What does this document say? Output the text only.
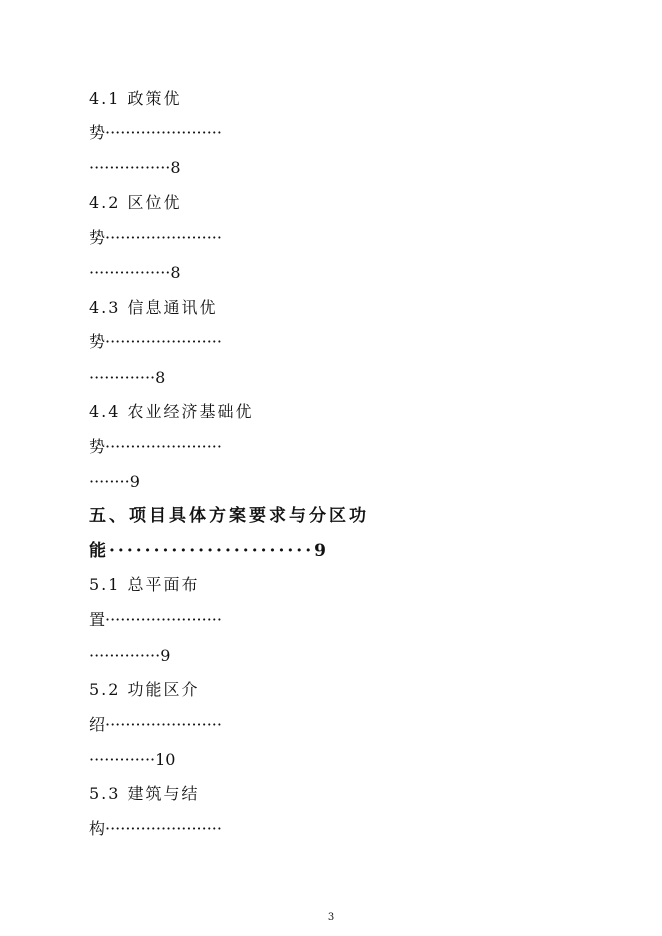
4.1 政策优
势·······················
················8
4.2 区位优
势·······················
················8
4.3 信息通讯优
势·······················
·············8
4.4 农业经济基础优
势·······················
········9
五、项目具体方案要求与分区功
能·······················9
5.1 总平面布
置·······················
··············9
5.2 功能区介
绍·······················
·············10
5.3 建筑与结
构·······················
3
